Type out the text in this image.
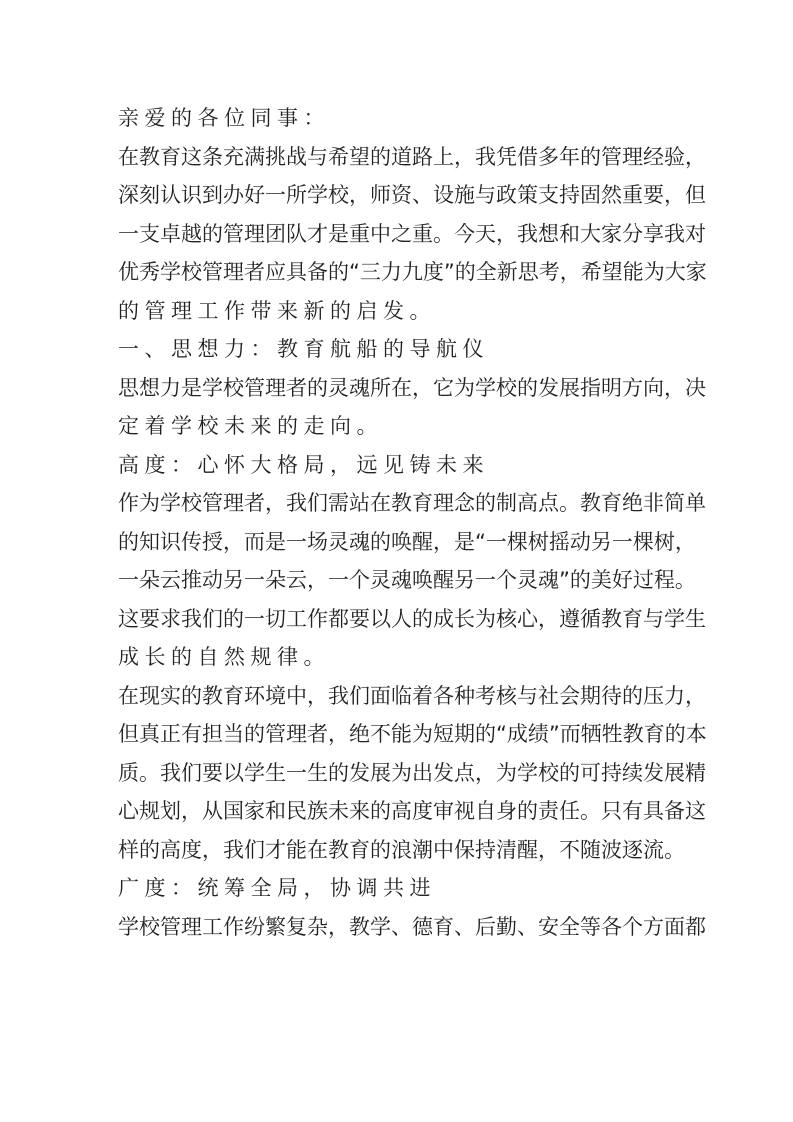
亲爱的各位同事：
在 教 育 这 条 充 满 挑 战 与 希 望 的 道 路 上 ， 我 凭 借 多 年 的 管 理 经 验 ，
深 刻 认 识 到 办 好 一 所 学 校 ， 师 资 、 设 施 与 政 策 支 持 固 然 重 要 ， 但
一 支 卓 越 的 管 理 团 队 才 是 重 中 之 重 。 今 天 ， 我 想 和 大 家 分 享 我 对
优 秀 学 校 管 理 者 应 具 备 的 “ 三 力 九 度 ” 的 全 新 思 考 ， 希 望 能 为 大 家
的管理工作带来新的启发。
一、思想力：教育航船的导航仪
思 想 力 是 学 校 管 理 者 的 灵 魂 所 在 ， 它 为 学 校 的 发 展 指 明 方 向 ， 决
定着学校未来的走向。
高度：心怀大格局，远见铸未来
作 为 学 校 管 理 者 ， 我 们 需 站 在 教 育 理 念 的 制 高 点 。 教 育 绝 非 简 单
的 知 识 传 授 ， 而 是 一 场 灵 魂 的 唤 醒 ， 是 “ 一 棵 树 摇 动 另 一 棵 树 ，
一 朵 云 推 动 另 一 朵 云 ， 一 个 灵 魂 唤 醒 另 一 个 灵 魂 ” 的 美 好 过 程 。
这 要 求 我 们 的 一 切 工 作 都 要 以 人 的 成 长 为 核 心 ， 遵 循 教 育 与 学 生
成长的自然规律。
在 现 实 的 教 育 环 境 中 ， 我 们 面 临 着 各 种 考 核 与 社 会 期 待 的 压 力 ，
但 真 正 有 担 当 的 管 理 者 ， 绝 不 能 为 短 期 的 “ 成 绩 ” 而 牺 牲 教 育 的 本
质 。 我 们 要 以 学 生 一 生 的 发 展 为 出 发 点 ， 为 学 校 的 可 持 续 发 展 精
心 规 划 ， 从 国 家 和 民 族 未 来 的 高 度 审 视 自 身 的 责 任 。 只 有 具 备 这
样 的 高 度 ， 我 们 才 能 在 教 育 的 浪 潮 中 保 持 清 醒 ， 不 随 波 逐 流 。
广度：统筹全局，协调共进
学 校 管 理 工 作 纷 繁 复 杂 ， 教 学 、 德 育 、 后 勤 、 安 全 等 各 个 方 面 都
